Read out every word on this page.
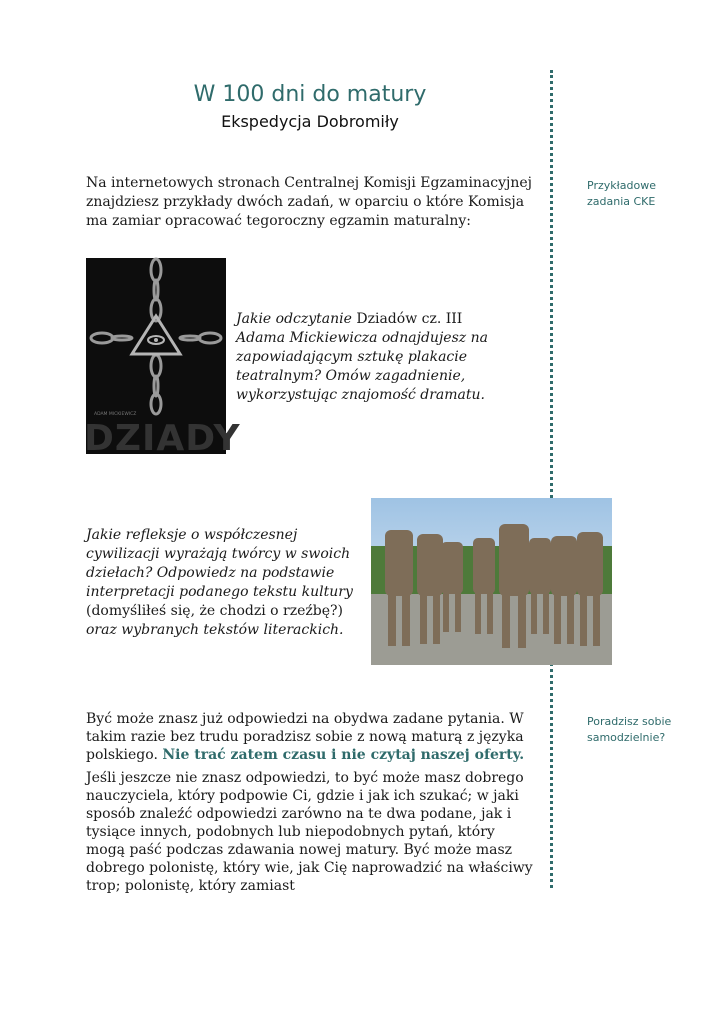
W 100 dni do matury
Ekspedycja Dobromiły
Przykładowe zadania CKE
Poradzisz sobie samodzielnie?
Na internetowych stronach Centralnej Komisji Egzaminacyjnej znajdziesz przykłady dwóch zadań, w oparciu o które Komisja ma zamiar opracować tegoroczny egzamin maturalny:
ADAM MICKIEWICZ
DZIADY
Jakie odczytanie Dziadów cz. III Adama Mickiewicza odnajdujesz na zapowiadającym sztukę plakacie teatralnym? Omów zagadnienie, wykorzystując znajomość dramatu.
Jakie refleksje o współczesnej cywilizacji wyrażają twórcy w swoich dziełach? Odpowiedz na podstawie interpretacji podanego tekstu kultury (domyśliłeś się, że chodzi o rzeźbę?) oraz wybranych tekstów literackich.
Być może znasz już odpowiedzi na obydwa zadane pytania. W takim razie bez trudu poradzisz sobie z nową maturą z języka polskiego. Nie trać zatem czasu i nie czytaj naszej oferty.
Jeśli jeszcze nie znasz odpowiedzi, to być może masz dobrego nauczyciela, który podpowie Ci, gdzie i jak ich szukać; w jaki sposób znaleźć odpowiedzi zarówno na te dwa podane, jak i tysiące innych, podobnych lub niepodobnych pytań, który mogą paść podczas zdawania nowej matury. Być może masz dobrego polonistę, który wie, jak Cię naprowadzić na właściwy trop; polonistę, który zamiast
